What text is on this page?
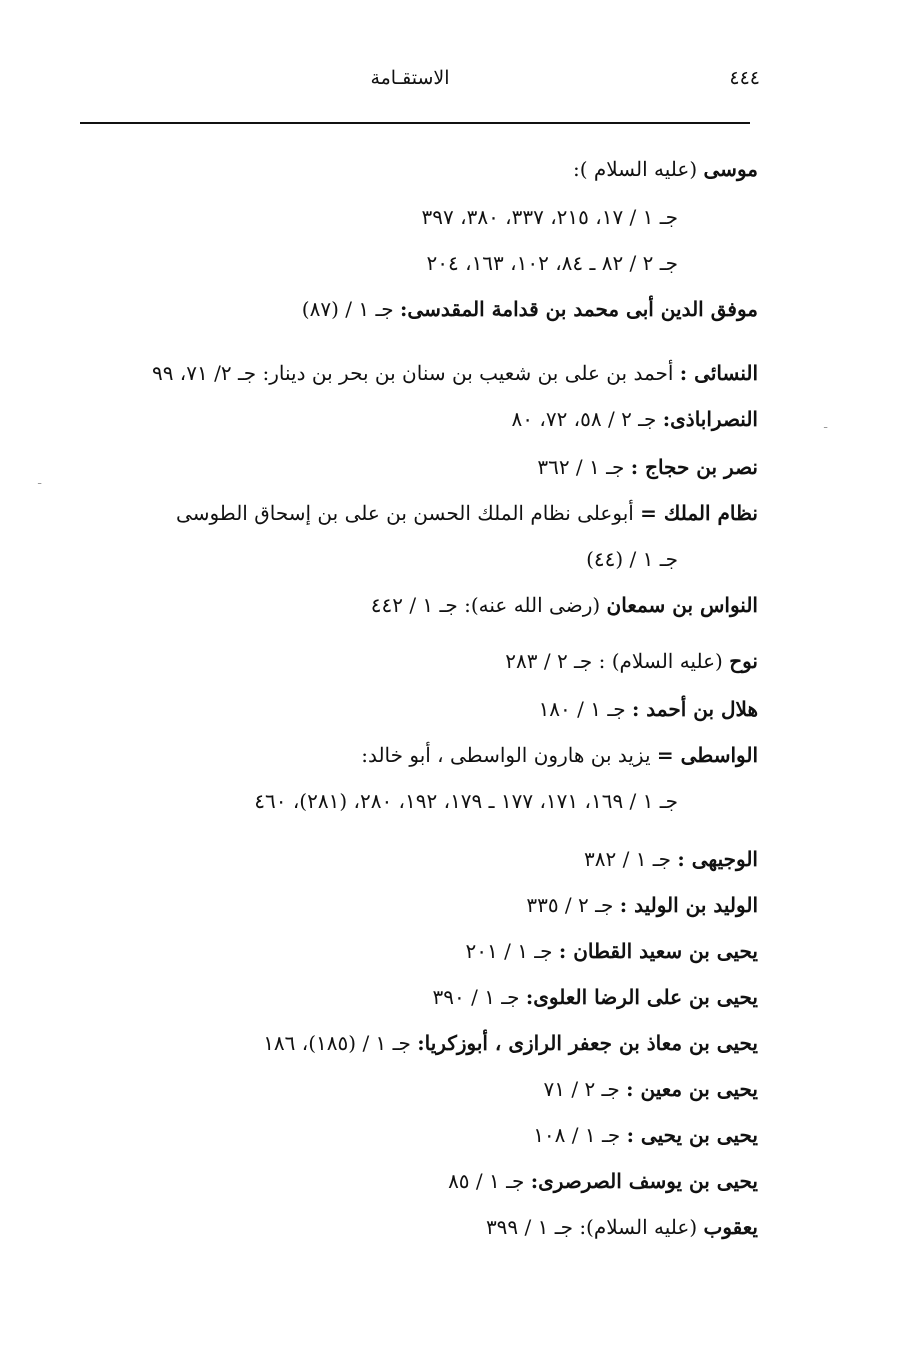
٤٤٤
الاستقـامة
موسى (عليه السلام ):
جـ ١ / ١٧، ٢١٥، ٣٣٧، ٣٨٠، ٣٩٧
جـ ٢ / ٨٢ ـ ٨٤، ١٠٢، ١٦٣، ٢٠٤
موفق الدين أبى محمد بن قدامة المقدسى: جـ ١ / (٨٧)
النسائى : أحمد بن على بن شعيب بن سنان بن بحر بن دينار: جـ ٢/ ٧١، ٩٩
النصراباذى: جـ ٢ / ٥٨، ٧٢، ٨٠
نصر بن حجاج : جـ ١ / ٣٦٢
نظام الملك = أبوعلى نظام الملك الحسن بن على بن إسحاق الطوسى
جـ ١ / (٤٤)
النواس بن سمعان (رضى الله عنه): جـ ١ / ٤٤٢
نوح (عليه السلام) : جـ ٢ / ٢٨٣
هلال بن أحمد : جـ ١ / ١٨٠
الواسطى = يزيد بن هارون الواسطى ، أبو خالد:
جـ ١ / ١٦٩، ١٧١، ١٧٧ ـ ١٧٩، ١٩٢، ٢٨٠، (٢٨١)، ٤٦٠
الوجيهى : جـ ١ / ٣٨٢
الوليد بن الوليد : جـ ٢ / ٣٣٥
يحيى بن سعيد القطان : جـ ١ / ٢٠١
يحيى بن على الرضا العلوى: جـ ١ / ٣٩٠
يحيى بن معاذ بن جعفر الرازى ، أبوزكريا: جـ ١ / (١٨٥)، ١٨٦
يحيى بن معين : جـ ٢ / ٧١
يحيى بن يحيى : جـ ١ / ١٠٨
يحيى بن يوسف الصرصرى: جـ ١ / ٨٥
يعقوب (عليه السلام): جـ ١ / ٣٩٩
ـ
ـ
